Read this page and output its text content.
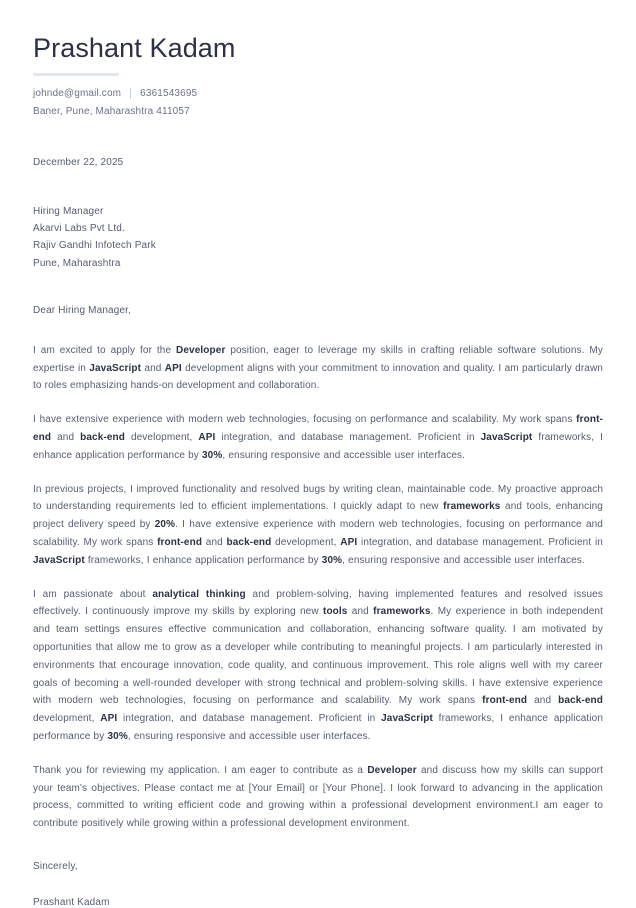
Prashant Kadam
johnde@gmail.com 6361543695
Baner, Pune, Maharashtra 411057
December 22, 2025
Hiring Manager
Akarvi Labs Pvt Ltd.
Rajiv Gandhi Infotech Park
Pune, Maharashtra
Dear Hiring Manager,

I am excited to apply for the Developer position, eager to leverage my skills in crafting reliable software solutions. My expertise in JavaScript and API development aligns with your commitment to innovation and quality. I am particularly drawn to roles emphasizing hands-on development and collaboration.

I have extensive experience with modern web technologies, focusing on performance and scalability. My work spans front-end and back-end development, API integration, and database management. Proficient in JavaScript frameworks, I enhance application performance by 30%, ensuring responsive and accessible user interfaces.

In previous projects, I improved functionality and resolved bugs by writing clean, maintainable code. My proactive approach to understanding requirements led to efficient implementations. I quickly adapt to new frameworks and tools, enhancing project delivery speed by 20%. I have extensive experience with modern web technologies, focusing on performance and scalability. My work spans front-end and back-end development, API integration, and database management. Proficient in JavaScript frameworks, I enhance application performance by 30%, ensuring responsive and accessible user interfaces.

I am passionate about analytical thinking and problem-solving, having implemented features and resolved issues effectively. I continuously improve my skills by exploring new tools and frameworks. My experience in both independent and team settings ensures effective communication and collaboration, enhancing software quality. I am motivated by opportunities that allow me to grow as a developer while contributing to meaningful projects. I am particularly interested in environments that encourage innovation, code quality, and continuous improvement. This role aligns well with my career goals of becoming a well-rounded developer with strong technical and problem-solving skills. I have extensive experience with modern web technologies, focusing on performance and scalability. My work spans front-end and back-end development, API integration, and database management. Proficient in JavaScript frameworks, I enhance application performance by 30%, ensuring responsive and accessible user interfaces.

Thank you for reviewing my application. I am eager to contribute as a Developer and discuss how my skills can support your team's objectives. Please contact me at [Your Email] or [Your Phone]. I look forward to advancing in the application process, committed to writing efficient code and growing within a professional development environment.I am eager to contribute positively while growing within a professional development environment.

Sincerely,
Prashant Kadam
